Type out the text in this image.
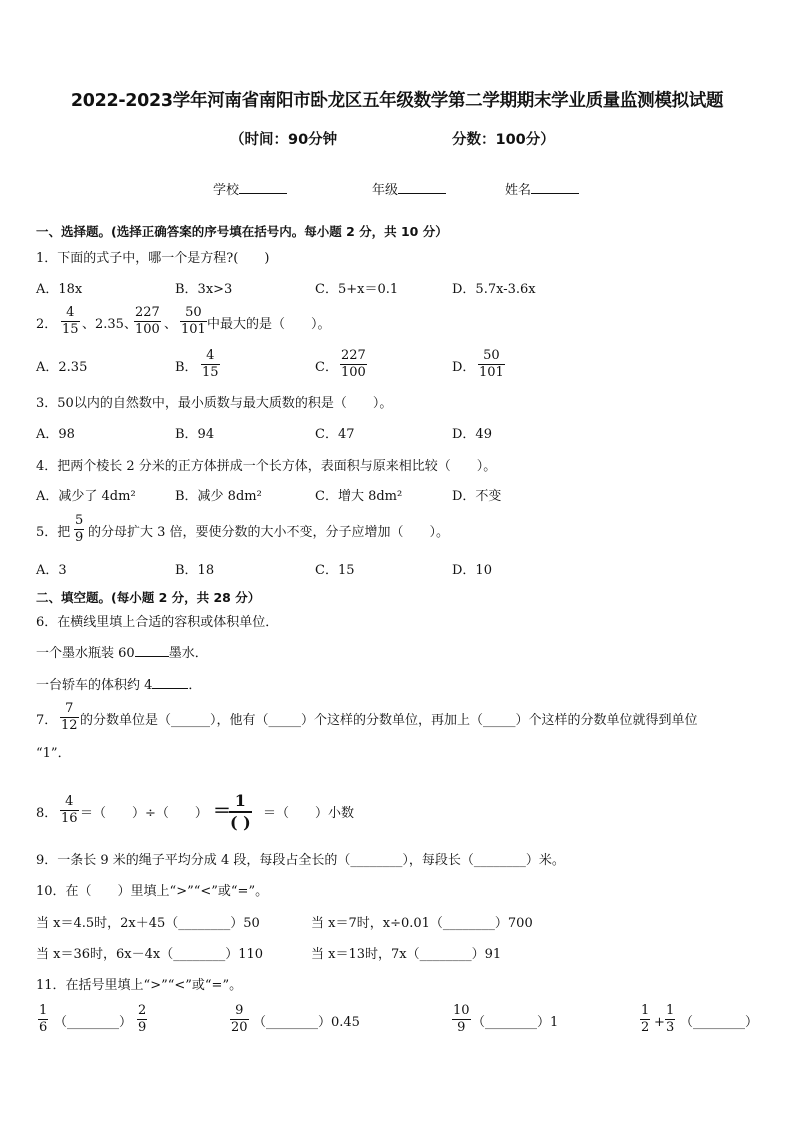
2022-2023学年河南省南阳市卧龙区五年级数学第二学期期末学业质量监测模拟试题
（时间：90分钟	分数：100分）
学校	年级	姓名
一、选择题。(选择正确答案的序号填在括号内。每小题 2 分，共 10 分）
1．下面的式子中，哪一个是方程?(　　)
A．18x	B．3x>3	C．5+x＝0.1	D．5.7x-3.6x
2．
4
15 、2.35、
227
100 、
50
101 中最大的是（　　）。
A．2.35	B．
4
15	C．
227
100	D．
50
101
3．50以内的自然数中，最小质数与最大质数的积是（　　）。
A．98	B．94	C．47	D．49
4．把两个棱长 2 分米的正方体拼成一个长方体，表面积与原来相比较（　　）。
A．减少了 4dm²	B．减少 8dm²	C．增大 8dm²	D．不变
5．把
5
9 的分母扩大 3 倍，要使分数的大小不变，分子应增加（　　）。
A．3	B．18	C．15	D．10
二、填空题。(每小题 2 分，共 28 分）
6．在横线里填上合适的容积或体积单位．
一个墨水瓶装 60	墨水．
一台轿车的体积约 4	．
7．
7
12 的分数单位是（______），他有（_____）个这样的分数单位，再加上（_____）个这样的分数单位就得到单位
“1”．
8．
4
16 ＝（　　）÷（　　） ＝
1
( ) ＝（　　）小数
9．一条长 9 米的绳子平均分成 4 段，每段占全长的（________），每段长（________）米。
10．在（　　）里填上“>”“<”或“=”。
当 x＝4.5时，2x＋45（________）50	当 x＝7时，x÷0.01（________）700
当 x＝36时，6x－4x（________）110	当 x＝13时，7x（________）91
11．在括号里填上“>”“<”或“=”。
1
6 （________）
2
9
9
20 （________）0.45
10
9 （________）1
1
2 +
1
3 （________）
